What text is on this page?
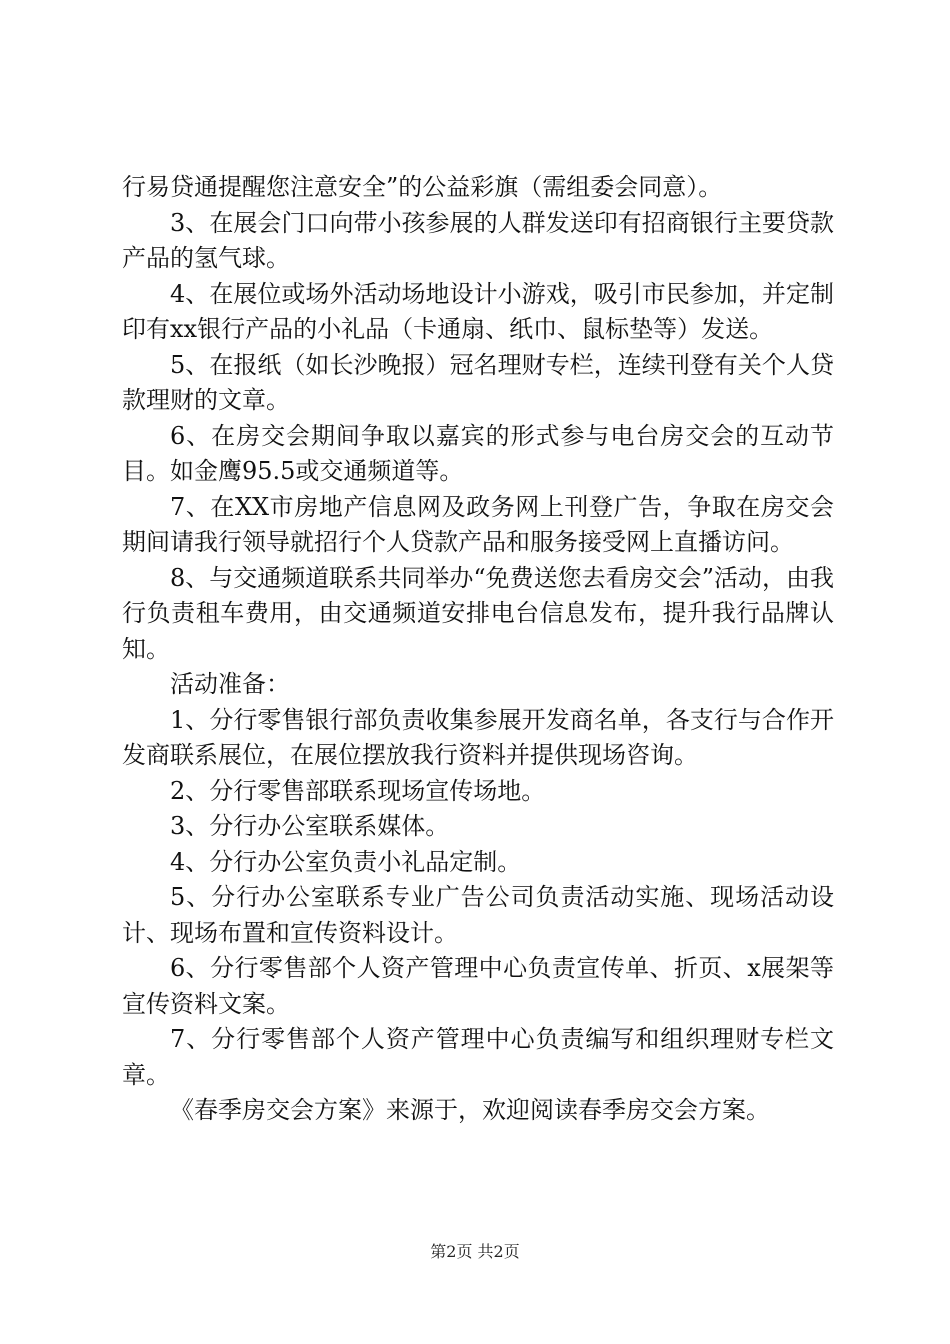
行易贷通提醒您注意安全”的公益彩旗（需组委会同意）。

3、在展会门口向带小孩参展的人群发送印有招商银行主要贷款产品的氢气球。

4、在展位或场外活动场地设计小游戏，吸引市民参加，并定制印有xx银行产品的小礼品（卡通扇、纸巾、鼠标垫等）发送。

5、在报纸（如长沙晚报）冠名理财专栏，连续刊登有关个人贷款理财的文章。

6、在房交会期间争取以嘉宾的形式参与电台房交会的互动节目。如金鹰95.5或交通频道等。

7、在XX市房地产信息网及政务网上刊登广告，争取在房交会期间请我行领导就招行个人贷款产品和服务接受网上直播访问。

8、与交通频道联系共同举办“免费送您去看房交会”活动，由我行负责租车费用，由交通频道安排电台信息发布，提升我行品牌认知。

活动准备：

1、分行零售银行部负责收集参展开发商名单，各支行与合作开发商联系展位，在展位摆放我行资料并提供现场咨询。

2、分行零售部联系现场宣传场地。

3、分行办公室联系媒体。

4、分行办公室负责小礼品定制。

5、分行办公室联系专业广告公司负责活动实施、现场活动设计、现场布置和宣传资料设计。

6、分行零售部个人资产管理中心负责宣传单、折页、x展架等宣传资料文案。

7、分行零售部个人资产管理中心负责编写和组织理财专栏文章。

《春季房交会方案》来源于，欢迎阅读春季房交会方案。

第2页 共2页
